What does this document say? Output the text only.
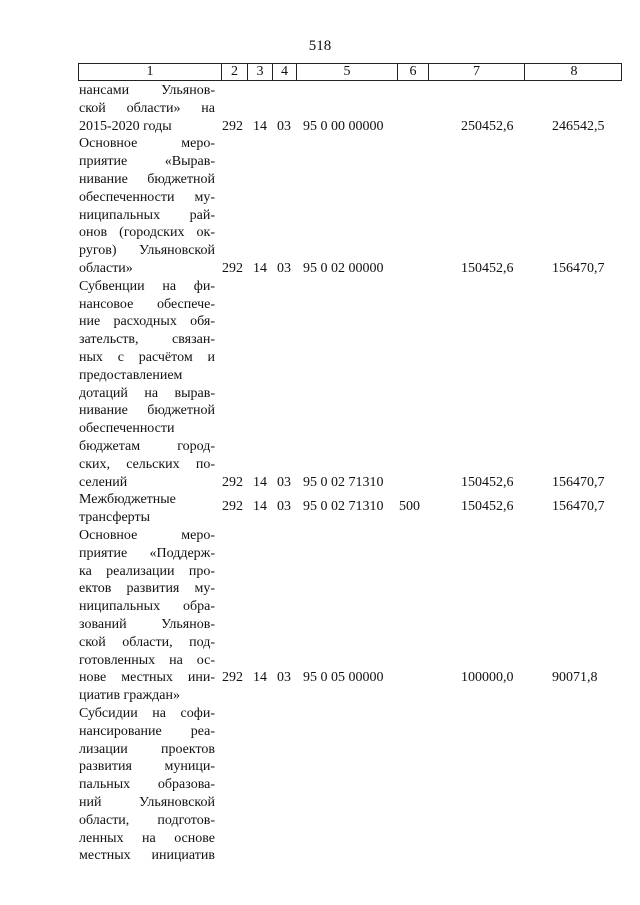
518
1	2	3	4	5	6	7	8
нансами Ульянов-
ской области» на
2015-2020 годы	292 14 03 95 0 00 00000	250452,6	246542,5
Основное меро-
приятие «Вырав-
нивание бюджетной
обеспеченности му-
ниципальных рай-
онов (городских ок-
ругов) Ульяновской
области»	292 14 03 95 0 02 00000	150452,6	156470,7
Субвенции на фи-
нансовое обеспече-
ние расходных обя-
зательств, связан-
ных с расчётом и
предоставлением
дотаций на вырав-
нивание бюджетной
обеспеченности
бюджетам город-
ских, сельских по-
селений	292 14 03 95 0 02 71310	150452,6	156470,7
Межбюджетные
трансферты
292 14 03 95 0 02 71310 500	150452,6	156470,7
Основное меро-
приятие «Поддерж-
ка реализации про-
ектов развития му-
ниципальных обра-
зований Ульянов-
ской области, под-
готовленных на ос-
нове местных ини-
циатив граждан»
292 14 03 95 0 05 00000	100000,0	90071,8
Субсидии на софи-
нансирование реа-
лизации проектов
развития муници-
пальных образова-
ний Ульяновской
области, подготов-
ленных на основе
местных инициатив
